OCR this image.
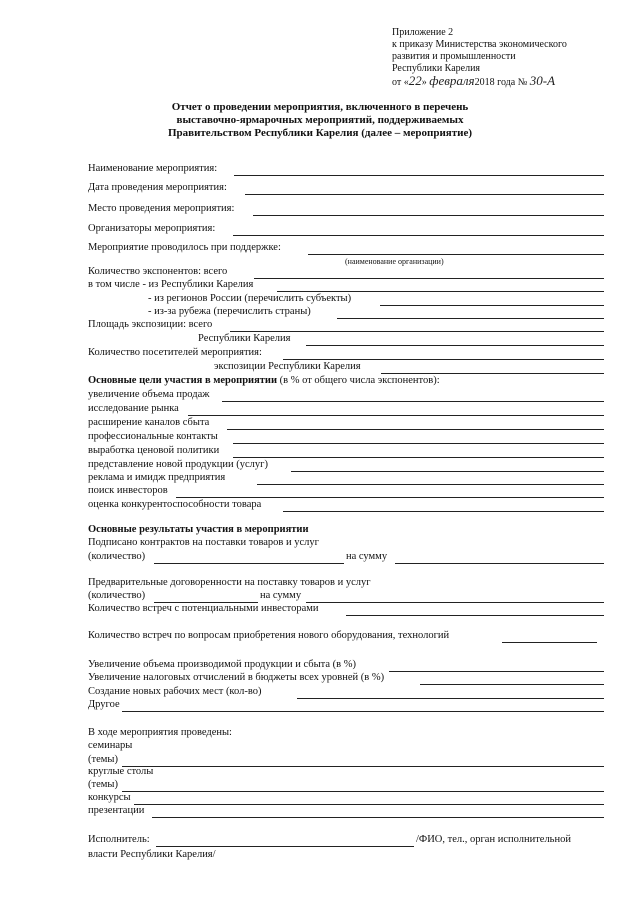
Приложение 2
к приказу Министерства экономического
развития и промышленности
Республики Карелия
от «22» февраля2018 года № 30-А
Отчет о проведении мероприятия, включенного в перечень
выставочно-ярмарочных мероприятий, поддерживаемых
Правительством Республики Карелия (далее – мероприятие)
Наименование мероприятия:
Дата проведения мероприятия:
Место проведения мероприятия:
Организаторы мероприятия:
Мероприятие проводилось при поддержке:
(наименование организации)
Количество экспонентов: всего
в том числе - из Республики Карелия
- из регионов России (перечислить субъекты)
- из-за рубежа (перечислить страны)
Площадь экспозиции: всего
Республики Карелия
Количество посетителей мероприятия:
экспозиции Республики Карелия
Основные цели участия в мероприятии (в % от общего числа экспонентов):
увеличение объема продаж
исследование рынка
расширение каналов сбыта
профессиональные контакты
выработка ценовой политики
представление новой продукции (услуг)
реклама и имидж предприятия
поиск инвесторов
оценка конкурентоспособности товара
Основные результаты участия в мероприятии
Подписано контрактов на поставки товаров и услуг
(количество)	на сумму
Предварительные договоренности на поставку товаров и услуг
(количество)	на сумму
Количество встреч с потенциальными инвесторами
Количество встреч по вопросам приобретения нового оборудования, технологий
Увеличение объема производимой продукции и сбыта (в %)
Увеличение налоговых отчислений в бюджеты всех уровней (в %)
Создание новых рабочих мест (кол-во)
Другое
В ходе мероприятия проведены:
семинары
(темы)
круглые столы
(темы)
конкурсы
презентации
Исполнитель:	/ФИО, тел., орган исполнительной
власти Республики Карелия/
